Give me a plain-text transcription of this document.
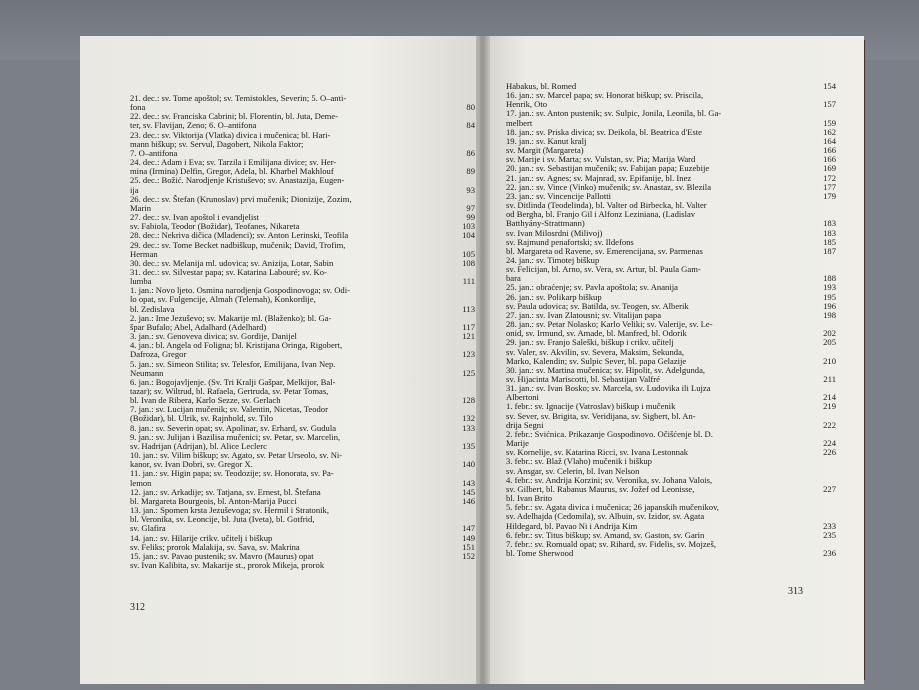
21. dec.: sv. Tome apoštol; sv. Temistokles, Severin; 5. O–anti-
fona	80
22. dec.: sv. Franciska Cabrini; bl. Florentin, bl. Juta, Deme-
ter, sv. Flavijan, Zeno; 6. O–antifona	84
23. dec.: sv. Viktorija (Vlatka) divica i mučenica; bl. Hari-
mann biškup; sv. Servul, Dagobert, Nikola Faktor;
7. O–antifona	86
24. dec.: Adam i Eva; sv. Tarzila i Emilijana divice; sv. Her-
mina (Irmina) Delfin, Gregor, Adela, bl. Kharbel Makhlouf	89
25. dec.: Božić. Narodjenje Kristuševo; sv. Anastazija, Eugen-
ija	93
26. dec.: sv. Štefan (Krunoslav) prvi mučenik; Dionizije, Zozim,
Marin	97
27. dec.: sv. Ivan apoštol i evandjelist	99
sv. Fabiola, Teodor (Božidar), Teofanes, Nikareta	103
28. dec.: Nekriva dičica (Mladenci); sv. Anton Lerinski, Teofila	104
29. dec.: sv. Tome Becket nadbiškup, mučenik; David, Trofim,
Herman	105
30. dec.: sv. Melanija ml. udovica; sv. Anizija, Lotar, Sabin	108
31. dec.: sv. Silvestar papa; sv. Katarina Labouré; sv. Ko-
lumba	111
1. jan.: Novo ljeto. Osmina narodjenja Gospodinovoga; sv. Odi-
lo opat, sv. Fulgencije, Almah (Telemah), Konkordije,
bl. Zedislava	113
2. jan.: Ime Jezuševo; sv. Makarije ml. (Blaženko); bl. Ga-
špar Bufalo; Abel, Adalhard (Adelhard)	117
3. jan.: sv. Genoveva divica; sv. Gordije, Danijel	121
4. jan.: bl. Angela od Foligna; bl. Kristijana Oringa, Rigobert,
Dafroza, Gregor	123
5. jan.: sv. Simeon Stilita; sv. Telesfor, Emilijana, Ivan Nep.
Neumann	125
6. jan.: Bogojavljenje. (Sv. Tri Kralji Gašpar, Melkijor, Bal-
tazar); sv. Wiltrud, bl. Rafaela, Gertruda, sv. Petar Tomas,
bl. Ivan de Ribera, Karlo Sezze, sv. Gerlach	128
7. jan.: sv. Lucijan mučenik; sv. Valentin, Nicetas, Teodor
(Božidar), bl. Ulrik, sv. Rajnhold, sv. Tilo	132
8. jan.: sv. Severin opat; sv. Apolinar, sv. Erhard, sv. Gudula	133
9. jan.: sv. Julijan i Bazilisa mučenici; sv. Petar, sv. Marcelin,
sv. Hadrijan (Adrijan), bl. Alice Leclerc	135
10. jan.: sv. Vilim biškup; sv. Agato, sv. Petar Urseolo, sv. Ni-
kanor, sv. Ivan Dobri, sv. Gregor X.	140
11. jan.: sv. Higin papa; sv. Teodozije; sv. Honorata, sv. Pa-
lemon	143
12. jan.: sv. Arkadije; sv. Tatjana, sv. Ernest, bl. Štefana	145
bl. Margareta Bourgeois, bl. Anton-Marija Pucci	146
13. jan.: Spomen krsta Jezuševoga; sv. Hermil i Stratonik,
bl. Veronika, sv. Leoncije, bl. Juta (Iveta), bl. Gotfrid,
sv. Glafira	147
14. jan.: sv. Hilarije crikv. učitelj i biškup	149
sv. Feliks; prorok Malakija, sv. Sava, sv. Makrina	151
15. jan.: sv. Pavao pustenik; sv. Mavro (Maurus) opat	152
sv. Ivan Kalibita, sv. Makarije st., prorok Mikeja, prorok
312
Habakus, bl. Romed	154
16. jan.: sv. Marcel papa; sv. Honorat biškup; sv. Priscila,
Henrik, Oto	157
17. jan.: sv. Anton pustenik; sv. Sulpic, Jonila, Leonila, bl. Ga-
melbert	159
18. jan.: sv. Priska divica; sv. Deikola, bl. Beatrica d'Este	162
19. jan.: sv. Kanut kralj	164
sv. Margit (Margareta)	166
sv. Marije i sv. Marta; sv. Vulstan, sv. Pia; Marija Ward	166
20. jan.: sv. Sebastijan mučenik; sv. Fabijan papa; Euzebije	169
21. jan.: sv. Agnes; sv. Majnrad, sv. Epifanije, bl. Inez	172
22. jan.: sv. Vince (Vinko) mučenik; sv. Anastaz, sv. Blezila	177
23. jan.: sv. Vincencije Pallotti	179
sv. Ditlinda (Teodelinda), bl. Valter od Birbecka, bl. Valter
od Bergha, bl. Franjo Gil i Alfonz Leziniana, (Ladislav
Batthyány-Strattmann)	183
sv. Ivan Milosrdni (Milivoj)	183
sv. Rajmund penafortski; sv. Ildefons	185
bl. Margareta od Ravene, sv. Emerencijana, sv. Parmenas	187
24. jan.: sv. Timotej biškup
sv. Felicijan, bl. Arno, sv. Vera, sv. Artur, bl. Paula Gam-
bara	188
25. jan.: obraćenje; sv. Pavla apoštola; sv. Ananija	193
26. jan.: sv. Polikarp biškup	195
sv. Paula udovica; sv. Batilda, sv. Teogen, sv. Alberik	196
27. jan.: sv. Ivan Zlatousni; sv. Vitalijan papa	198
28. jan.: sv. Petar Nolasko; Karlo Veliki; sv. Valerije, sv. Le-
onid, sv. Irmund, sv. Amade, bl. Manfred, bl. Odorik	202
29. jan.: sv. Franjo Saleški, biškup i crikv. učitelj	205
sv. Valer, sv. Akvilin, sv. Severa, Maksim, Sekunda,
Marko, Kalendin; sv. Sulpic Sever, bl. papa Gelazije	210
30. jan.: sv. Martina mučenica; sv. Hipolit, sv. Adelgunda,
sv. Hijacinta Mariscotti, bl. Sebastijan Valfré	211
31. jan.: sv. Ivan Bosko; sv. Marcela, sv. Ludovika ili Lujza
Albertoni	214
1. febr.: sv. Ignacije (Vatroslav) biškup i mučenik	219
sv. Sever, sv. Brigita, sv. Veridijana, sv. Sigbert, bl. An-
drija Segni	222
2. febr.: Svićnica. Prikazanje Gospodinovo. Očišćenje bl. D.
Marije	224
sv. Kornelije, sv. Katarina Ricci, sv. Ivana Lestonnak	226
3. febr.: sv. Blaž (Vlaho) mučenik i biškup
sv. Ansgar, sv. Celerin, bl. Ivan Nelson
4. febr.: sv. Andrija Korzini; sv. Veronika, sv. Johana Valois,
sv. Gilbert, bl. Rabanus Maurus, sv. Jožef od Leonisse,	227
bl. Ivan Brito
5. febr.: sv. Agata divica i mučenica; 26 japanskih mučenikov,
sv. Adelhajda (Cedomila), sv. Albuin, sv. Izidor, sv. Agata
Hildegard, bl. Pavao Ni i Andrija Kim	233
6. febr.: sv. Titus biškup; sv. Amand, sv. Gaston, sv. Garin	235
7. febr.: sv. Romuald opat; sv. Rihard, sv. Fidelis, sv. Mojzeš,
bl. Tome Sherwood	236
313
